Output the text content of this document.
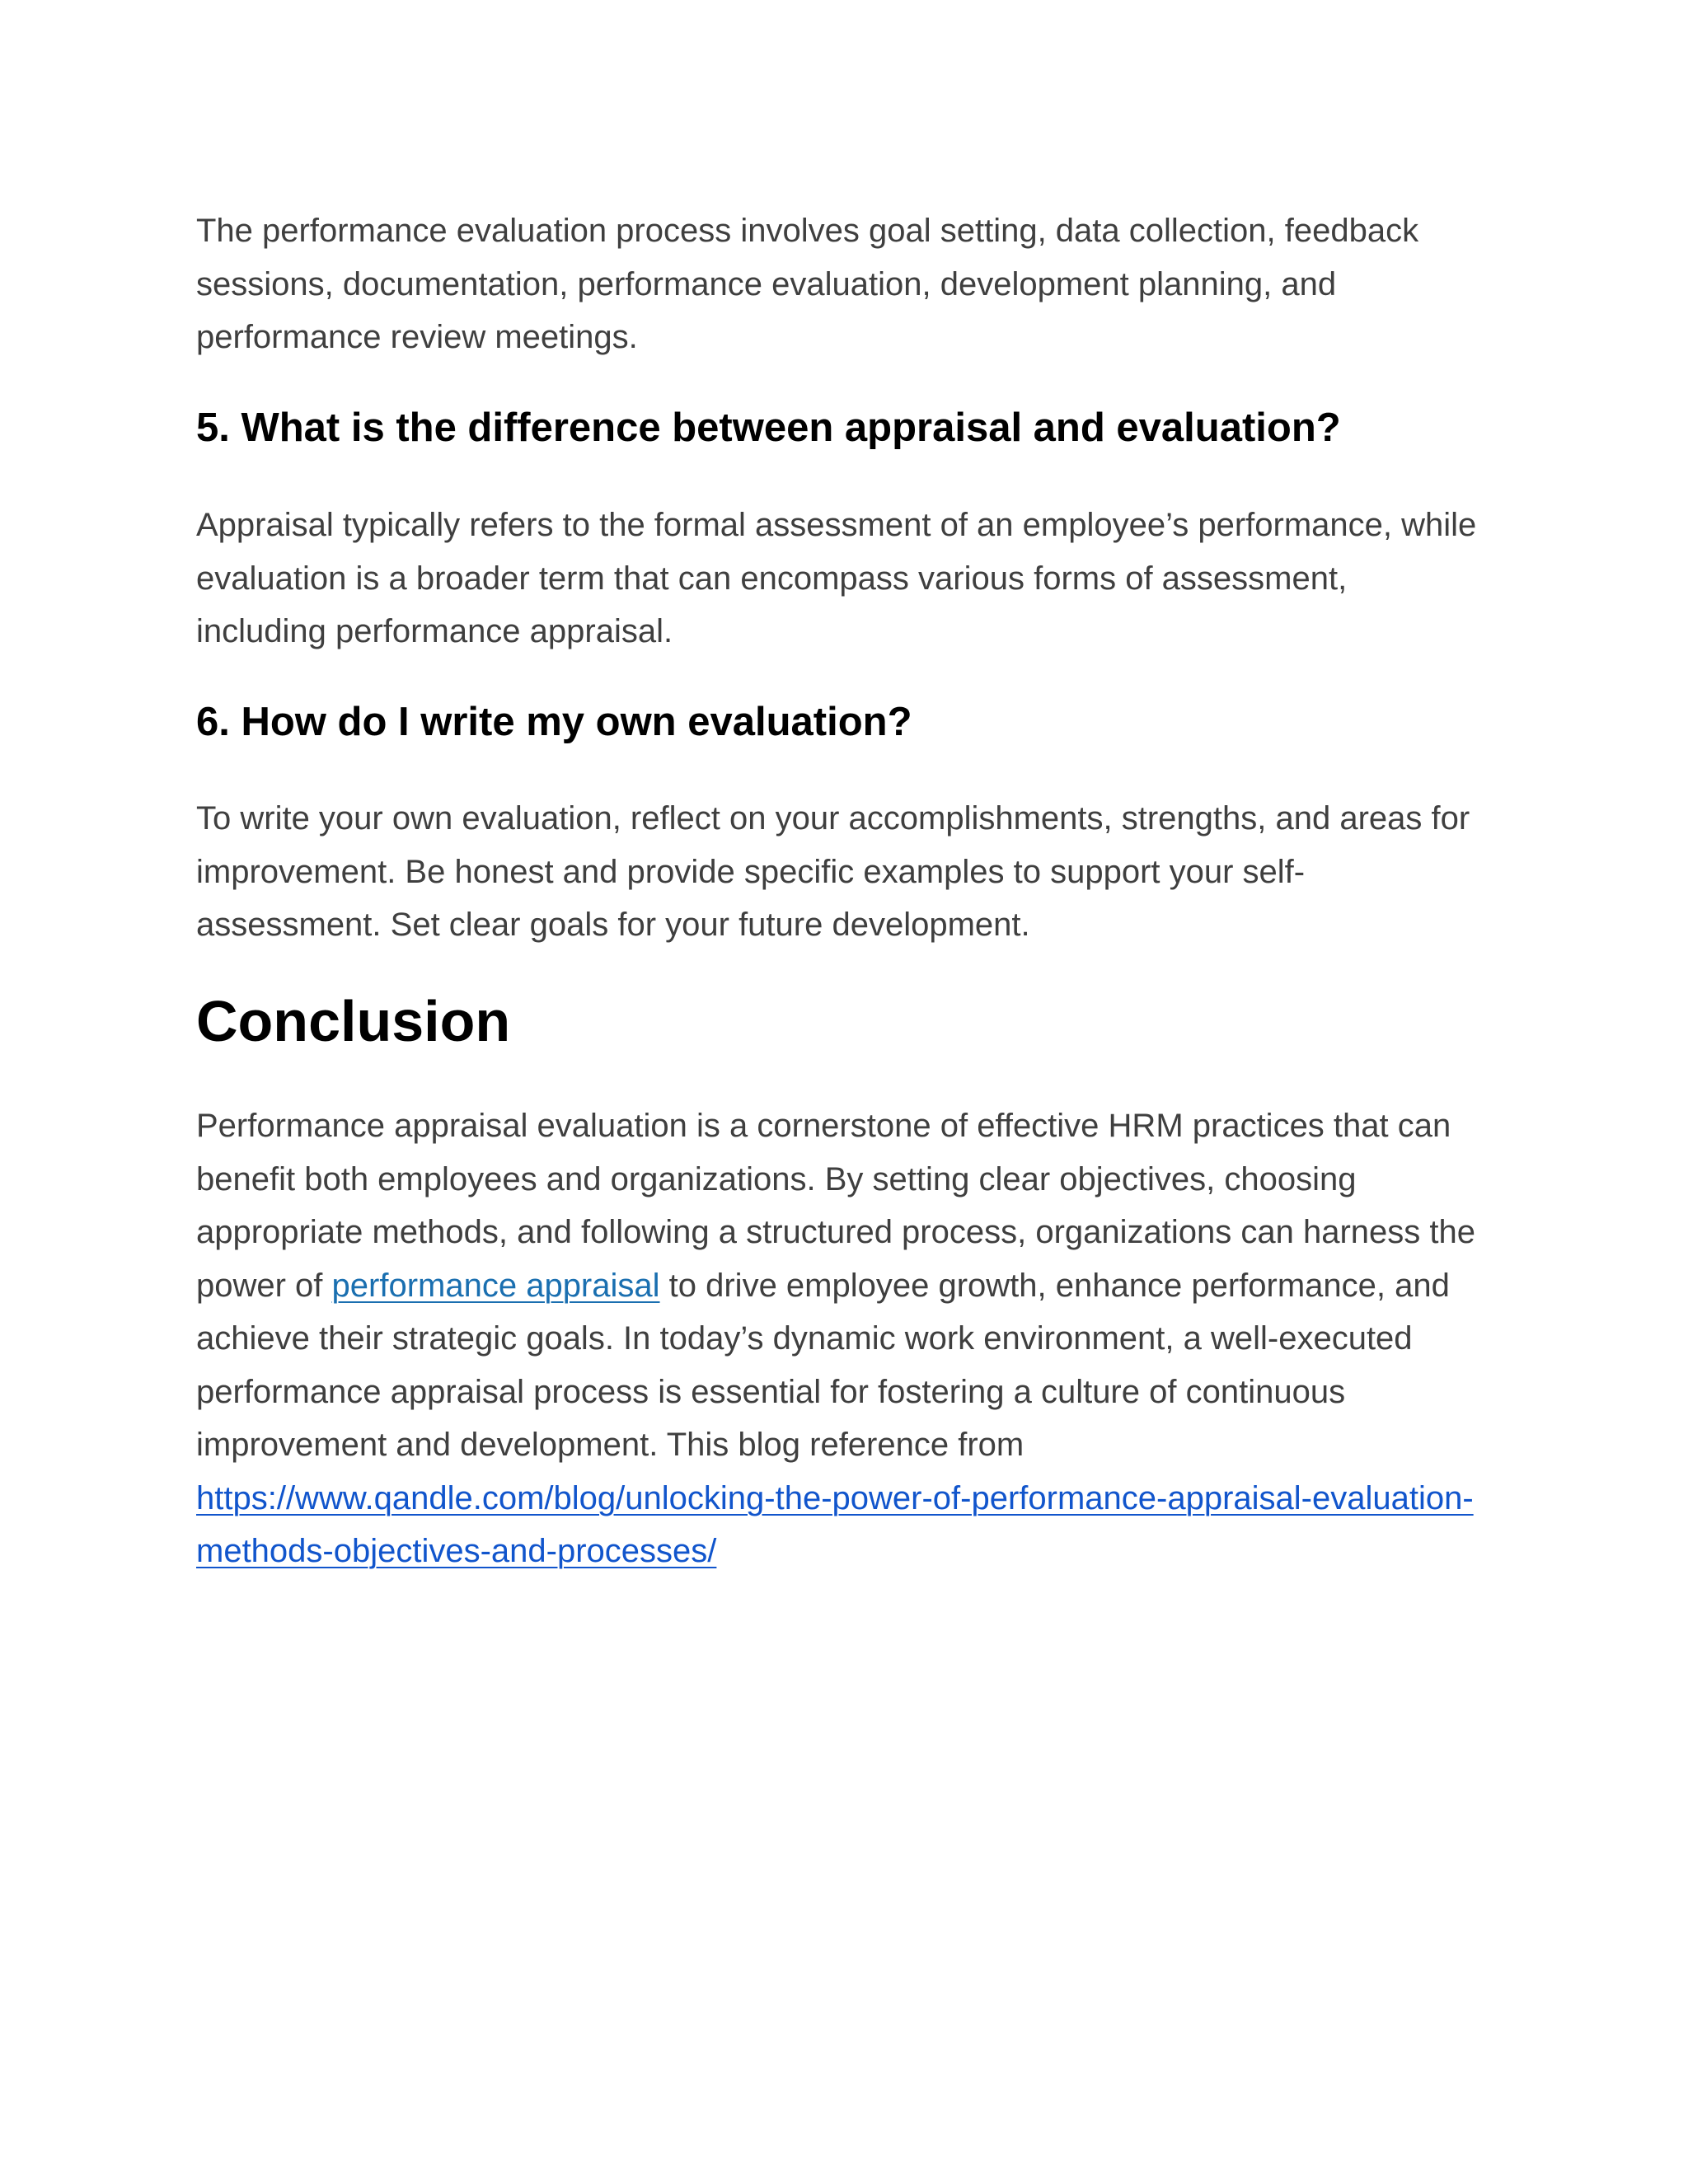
The performance evaluation process involves goal setting, data collection, feedback
sessions, documentation, performance evaluation, development planning, and
performance review meetings.

5. What is the difference between appraisal and evaluation?

Appraisal typically refers to the formal assessment of an employee’s performance, while
evaluation is a broader term that can encompass various forms of assessment,
including performance appraisal.

6. How do I write my own evaluation?

To write your own evaluation, reflect on your accomplishments, strengths, and areas for
improvement. Be honest and provide specific examples to support your self-
assessment. Set clear goals for your future development.

Conclusion

Performance appraisal evaluation is a cornerstone of effective HRM practices that can
benefit both employees and organizations. By setting clear objectives, choosing
appropriate methods, and following a structured process, organizations can harness the
power of performance appraisal to drive employee growth, enhance performance, and
achieve their strategic goals. In today’s dynamic work environment, a well-executed
performance appraisal process is essential for fostering a culture of continuous
improvement and development. This blog reference from
https://www.qandle.com/blog/unlocking-the-power-of-performance-appraisal-evaluation-
methods-objectives-and-processes/
